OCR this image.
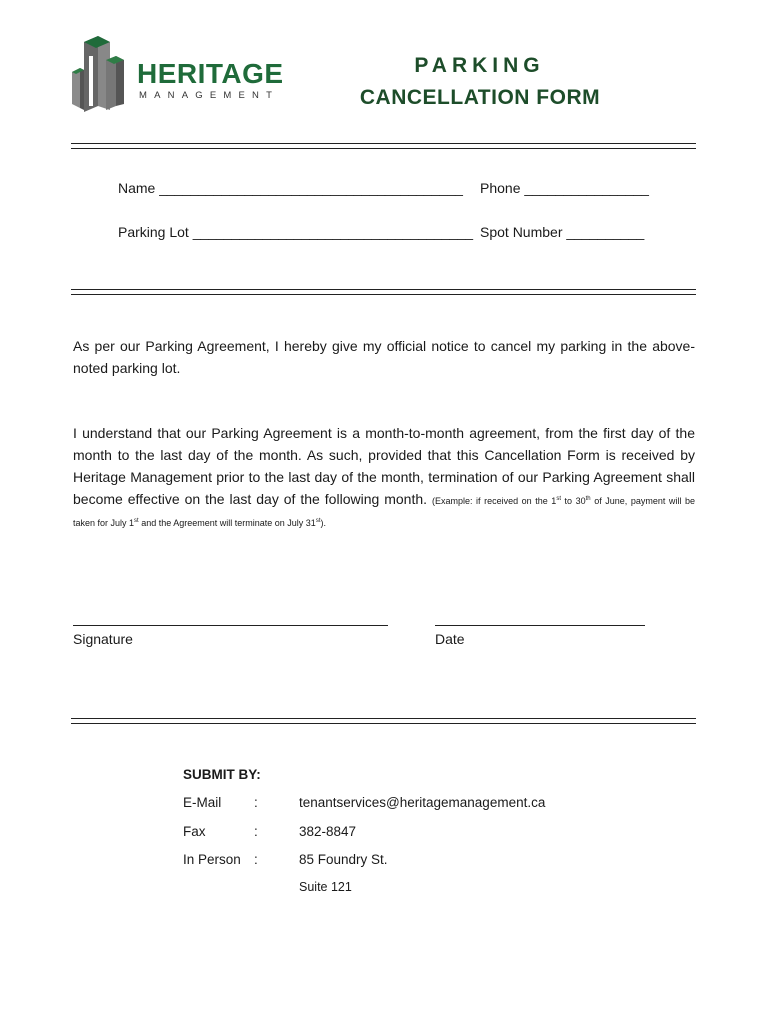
HERITAGE
MANAGEMENT
PARKING
CANCELLATION FORM
Name _______________________________________ Phone ________________
Parking Lot ____________________________________ Spot Number __________
As per our Parking Agreement, I hereby give my official notice to cancel my parking in the above-noted parking lot.
I understand that our Parking Agreement is a month-to-month agreement, from the first day of the month to the last day of the month. As such, provided that this Cancellation Form is received by Heritage Management prior to the last day of the month, termination of our Parking Agreement shall become effective on the last day of the following month. (Example: if received on the 1st to 30th of June, payment will be taken for July 1st and the Agreement will terminate on July 31st).
Signature	Date
SUBMIT BY:
E-Mail :	tenantservices@heritagemanagement.ca
Fax	:	382-8847
In Person :	85 Foundry St.
Suite 121
